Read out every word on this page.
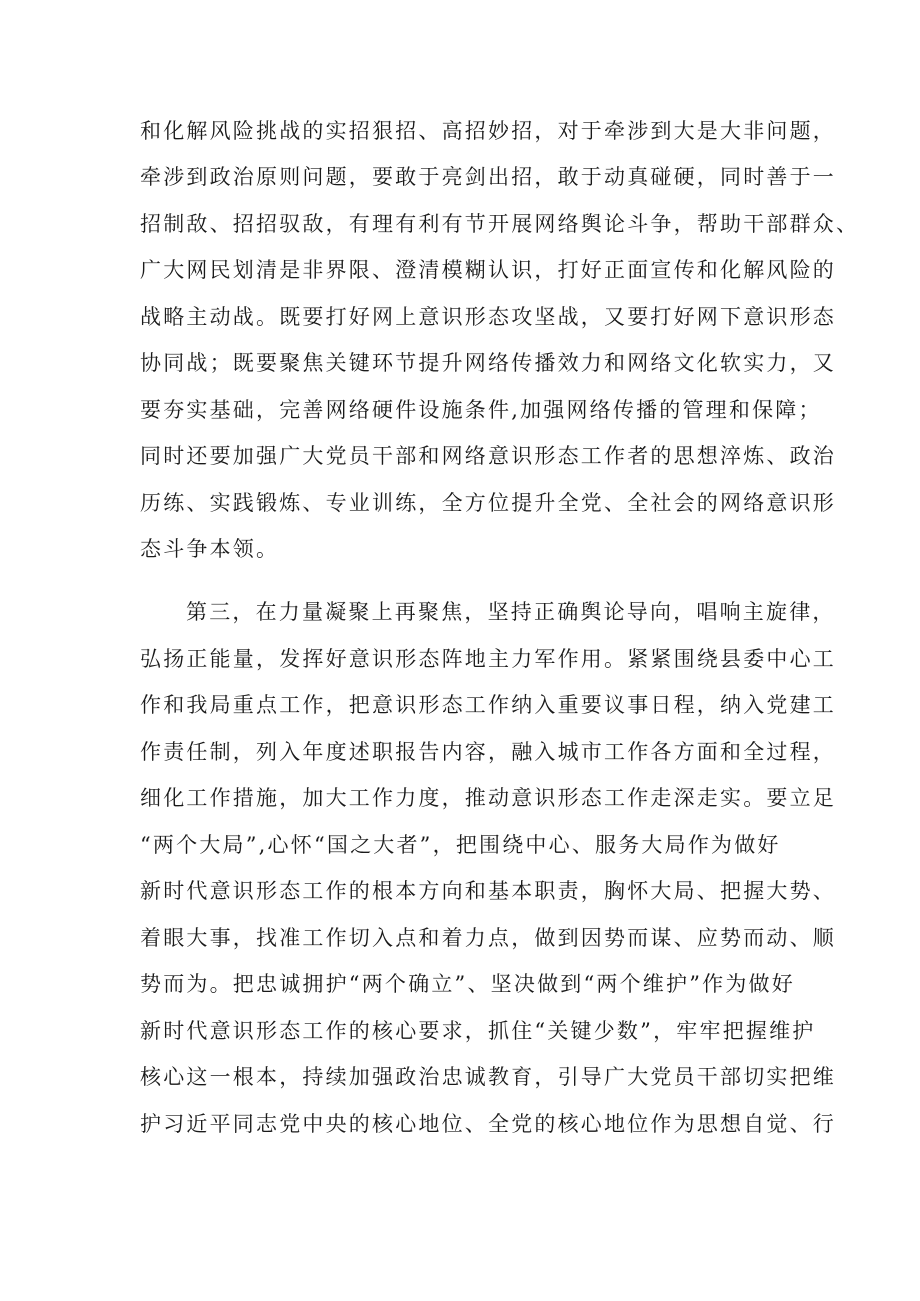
和化解风险挑战的实招狠招、高招妙招，对于牵涉到大是大非问题，
牵涉到政治原则问题，要敢于亮剑出招，敢于动真碰硬，同时善于一
招制敌、招招驭敌，有理有利有节开展网络舆论斗争，帮助干部群众、
广大网民划清是非界限、澄清模糊认识，打好正面宣传和化解风险的
战略主动战。既要打好网上意识形态攻坚战，又要打好网下意识形态
协同战；既要聚焦关键环节提升网络传播效力和网络文化软实力，又
要夯实基础，完善网络硬件设施条件,加强网络传播的管理和保障；
同时还要加强广大党员干部和网络意识形态工作者的思想淬炼、政治
历练、实践锻炼、专业训练，全方位提升全党、全社会的网络意识形
态斗争本领。
第三，在力量凝聚上再聚焦，坚持正确舆论导向，唱响主旋律，
弘扬正能量，发挥好意识形态阵地主力军作用。紧紧围绕县委中心工
作和我局重点工作，把意识形态工作纳入重要议事日程，纳入党建工
作责任制，列入年度述职报告内容，融入城市工作各方面和全过程，
细化工作措施，加大工作力度，推动意识形态工作走深走实。要立足
“两个大局”,心怀“国之大者”，把围绕中心、服务大局作为做好
新时代意识形态工作的根本方向和基本职责，胸怀大局、把握大势、
着眼大事，找准工作切入点和着力点，做到因势而谋、应势而动、顺
势而为。把忠诚拥护“两个确立”、坚决做到“两个维护”作为做好
新时代意识形态工作的核心要求，抓住“关键少数”，牢牢把握维护
核心这一根本，持续加强政治忠诚教育，引导广大党员干部切实把维
护习近平同志党中央的核心地位、全党的核心地位作为思想自觉、行
